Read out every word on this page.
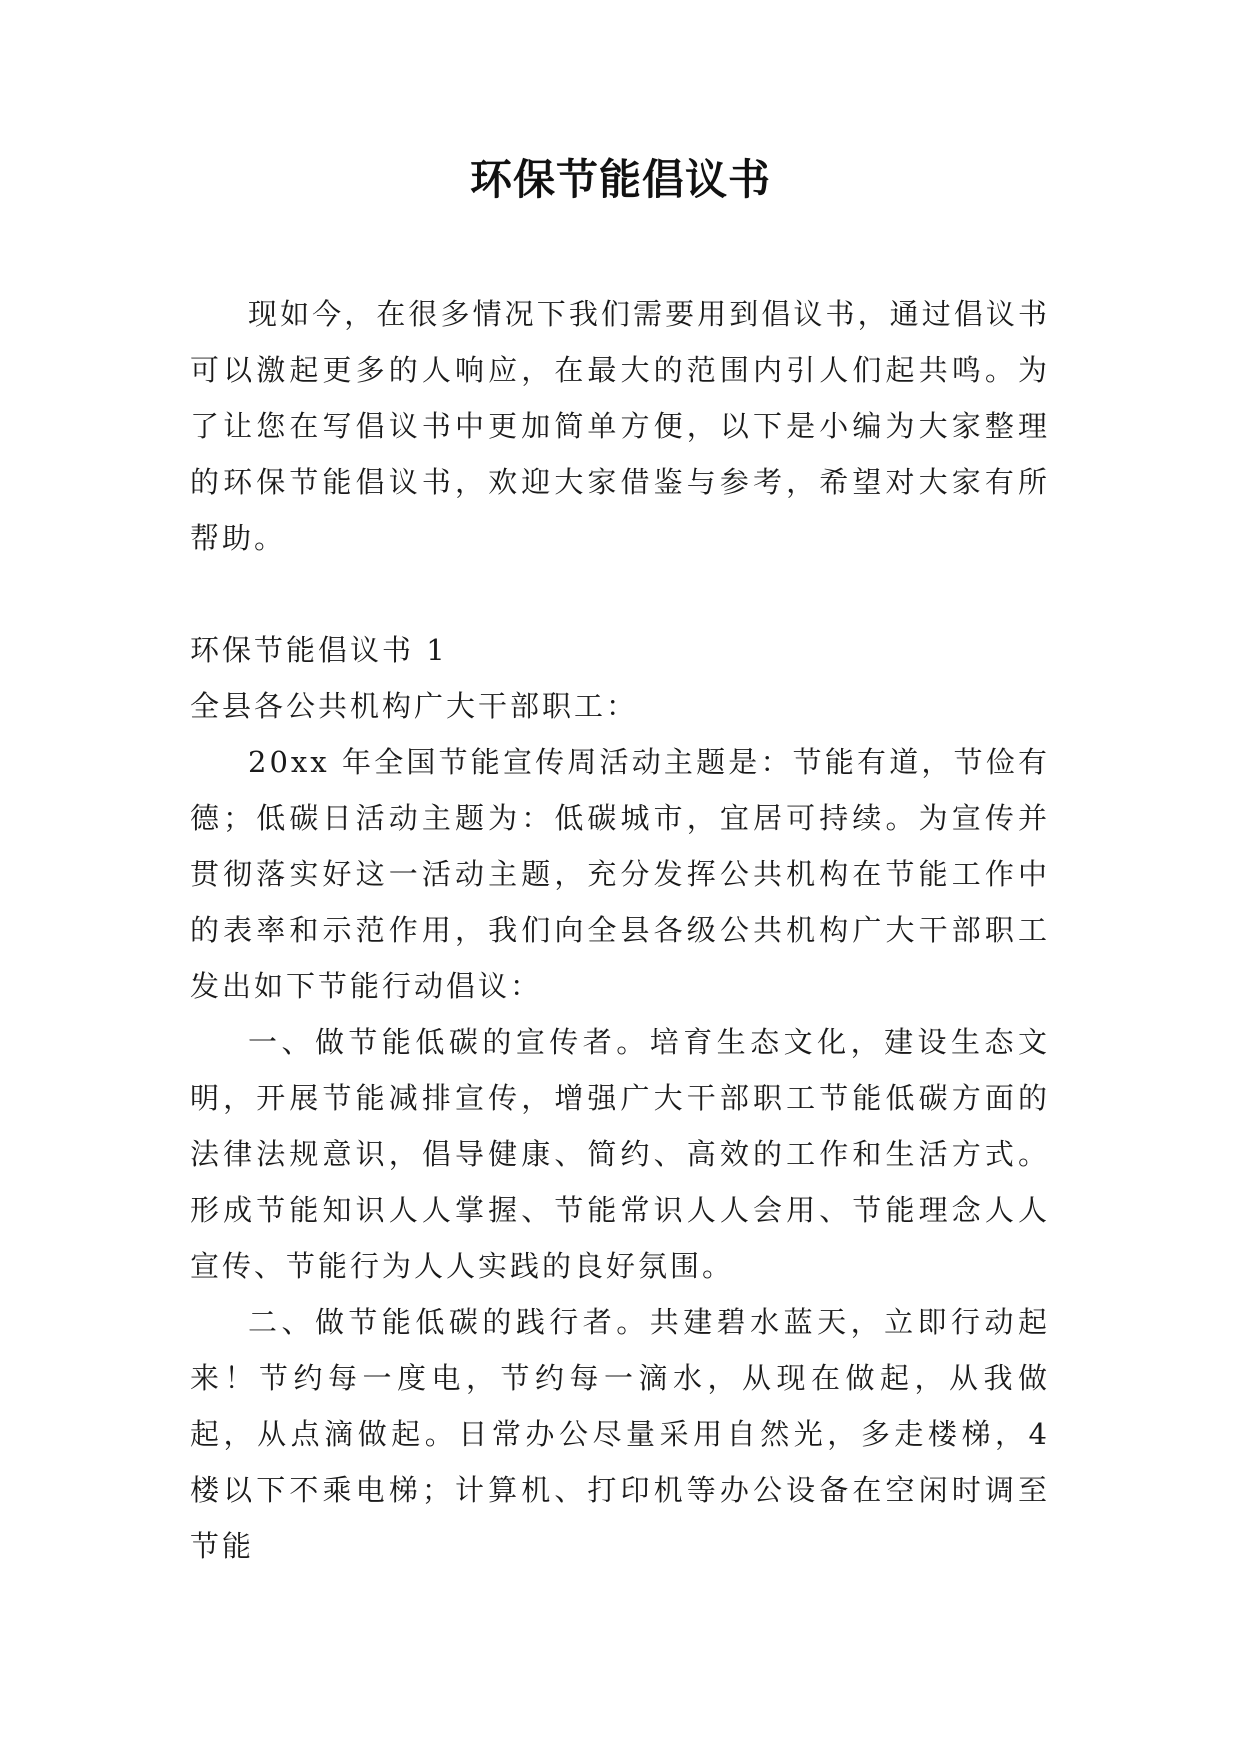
环保节能倡议书

现如今，在很多情况下我们需要用到倡议书，通过倡议书可以激起更多的人响应，在最大的范围内引人们起共鸣。为了让您在写倡议书中更加简单方便，以下是小编为大家整理的环保节能倡议书，欢迎大家借鉴与参考，希望对大家有所帮助。

环保节能倡议书 1

全县各公共机构广大干部职工：

20xx 年全国节能宣传周活动主题是：节能有道，节俭有德；低碳日活动主题为：低碳城市，宜居可持续。为宣传并贯彻落实好这一活动主题，充分发挥公共机构在节能工作中的表率和示范作用，我们向全县各级公共机构广大干部职工发出如下节能行动倡议：

一、做节能低碳的宣传者。培育生态文化，建设生态文明，开展节能减排宣传，增强广大干部职工节能低碳方面的法律法规意识，倡导健康、简约、高效的工作和生活方式。形成节能知识人人掌握、节能常识人人会用、节能理念人人宣传、节能行为人人实践的良好氛围。

二、做节能低碳的践行者。共建碧水蓝天，立即行动起来！节约每一度电，节约每一滴水，从现在做起，从我做起，从点滴做起。日常办公尽量采用自然光，多走楼梯，4 楼以下不乘电梯；计算机、打印机等办公设备在空闲时调至节能
